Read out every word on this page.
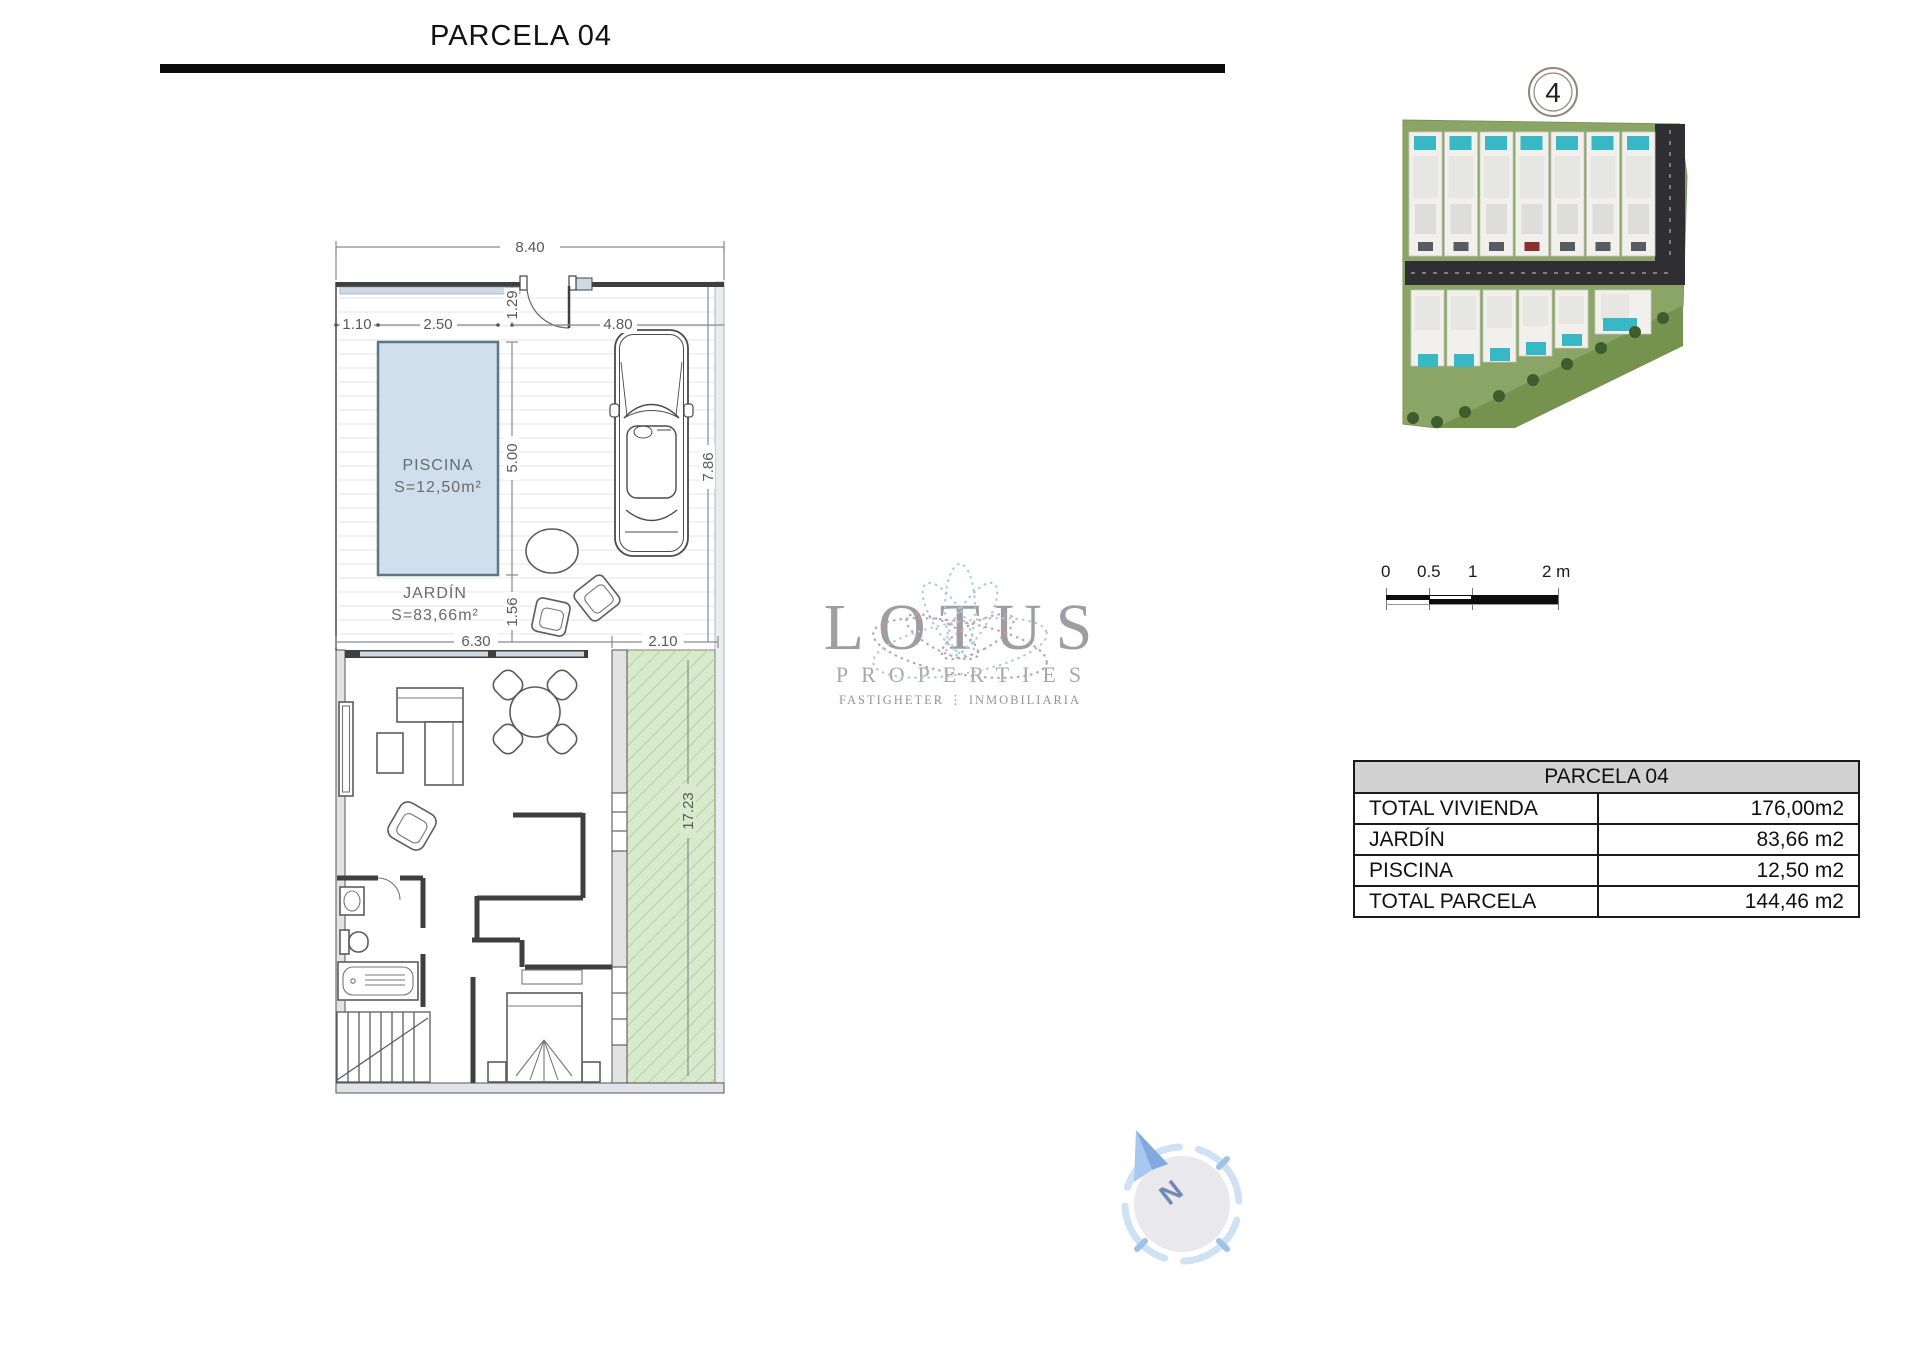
PARCELA 04
PISCINA
S=12,50m²
JARDÍN
S=83,66m²
8.40
1.10	2.50	4.80
1.29
5.00
1.56
7.86
6.30	2.10
17.23
4
0 0.5 1	2 m
LOTUS
PROPERTIES
FASTIGHETER ⋮ INMOBILIARIA
PARCELA 04
TOTAL VIVIENDA	176,00m2
JARDÍN	83,66 m2
PISCINA	12,50 m2
TOTAL PARCELA	144,46 m2
N
